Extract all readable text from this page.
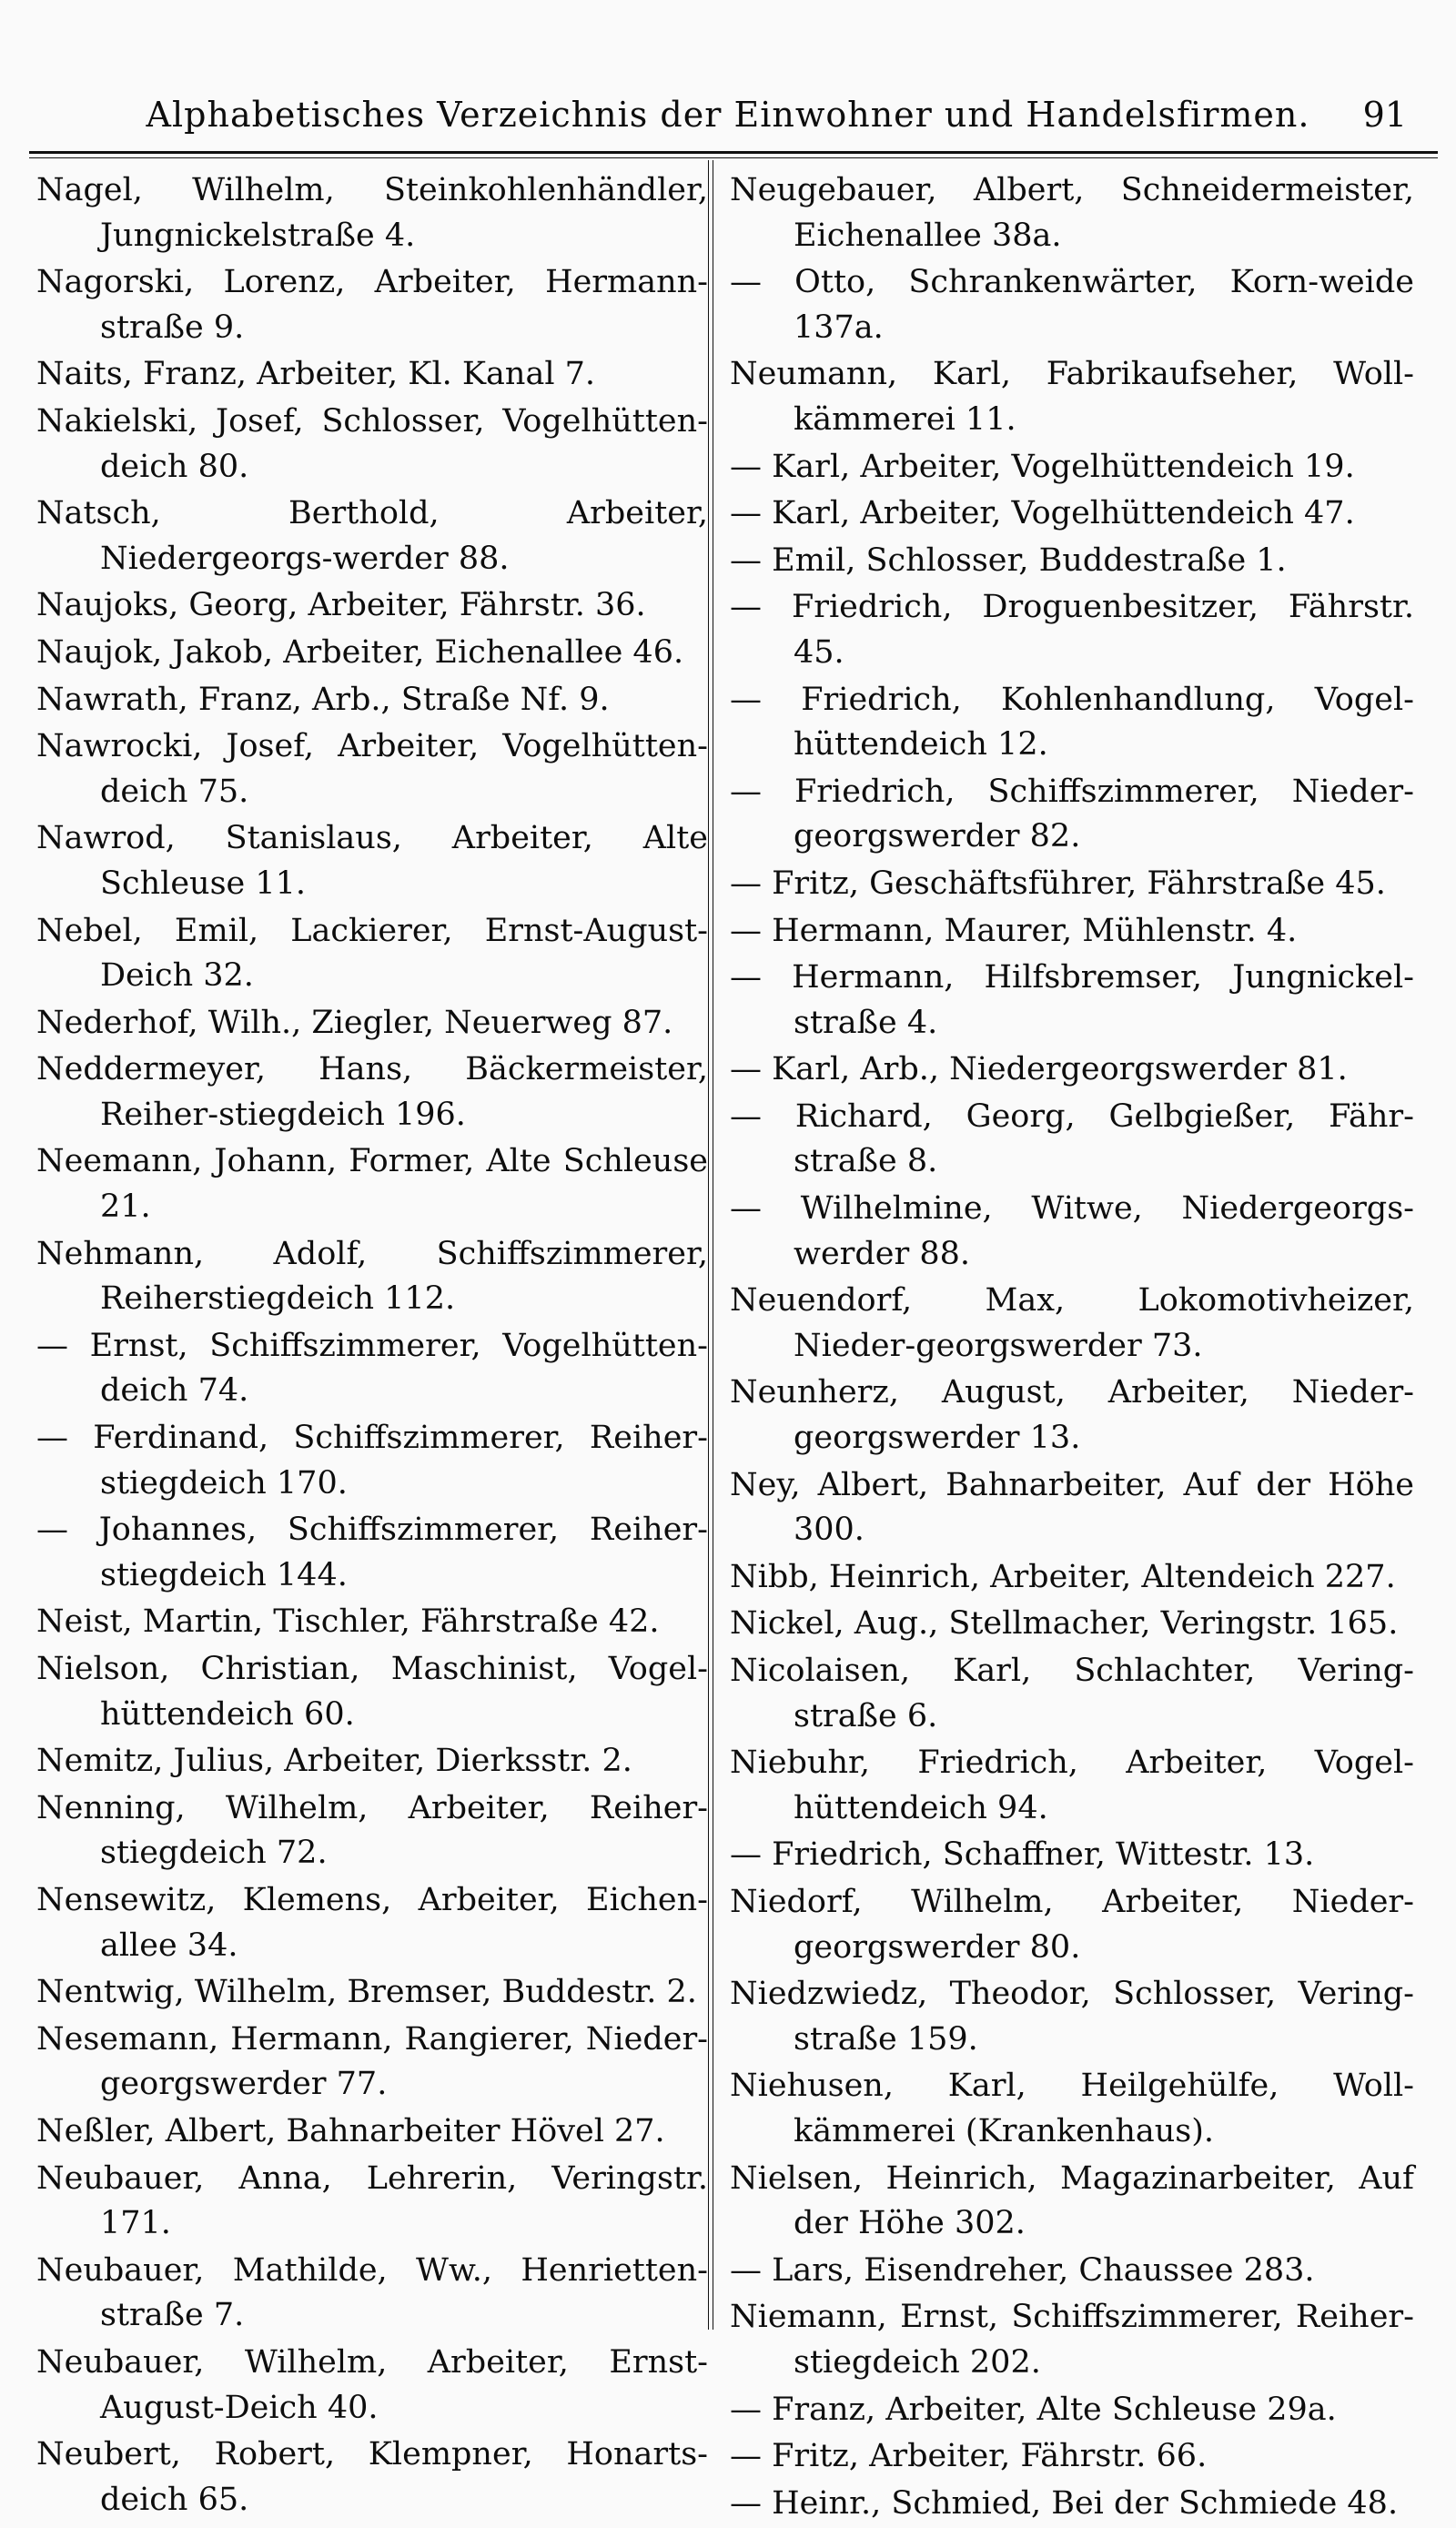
Alphabetisches Verzeichnis der Einwohner und Handelsfirmen.	91

Nagel, Wilhelm, Steinkohlenhändler, Jungnickelstraße 4.

Nagorski, Lorenz, Arbeiter, Hermann-straße 9.

Naits, Franz, Arbeiter, Kl. Kanal 7.

Nakielski, Josef, Schlosser, Vogelhütten-deich 80.

Natsch, Berthold, Arbeiter, Niedergeorgs-werder 88.

Naujoks, Georg, Arbeiter, Fährstr. 36.

Naujok, Jakob, Arbeiter, Eichenallee 46.

Nawrath, Franz, Arb., Straße Nf. 9.

Nawrocki, Josef, Arbeiter, Vogelhütten-deich 75.

Nawrod, Stanislaus, Arbeiter, Alte Schleuse 11.

Nebel, Emil, Lackierer, Ernst-August-Deich 32.

Nederhof, Wilh., Ziegler, Neuerweg 87.

Neddermeyer, Hans, Bäckermeister, Reiher-stiegdeich 196.

Neemann, Johann, Former, Alte Schleuse 21.

Nehmann, Adolf, Schiffszimmerer, Reiherstiegdeich 112.

— Ernst, Schiffszimmerer, Vogelhütten-deich 74.

— Ferdinand, Schiffszimmerer, Reiher-stiegdeich 170.

— Johannes, Schiffszimmerer, Reiher-stiegdeich 144.

Neist, Martin, Tischler, Fährstraße 42.

Nielson, Christian, Maschinist, Vogel-hüttendeich 60.

Nemitz, Julius, Arbeiter, Dierksstr. 2.

Nenning, Wilhelm, Arbeiter, Reiher-stiegdeich 72.

Nensewitz, Klemens, Arbeiter, Eichen-allee 34.

Nentwig, Wilhelm, Bremser, Buddestr. 2.

Nesemann, Hermann, Rangierer, Nieder-georgswerder 77.

Neßler, Albert, Bahnarbeiter Hövel 27.

Neubauer, Anna, Lehrerin, Veringstr. 171.

Neubauer, Mathilde, Ww., Henrietten-straße 7.

Neubauer, Wilhelm, Arbeiter, Ernst-August-Deich 40.

Neubert, Robert, Klempner, Honarts-deich 65.

Neugebauer, Albert, Schneidermeister, Eichenallee 38a.

— Otto, Schrankenwärter, Korn-weide 137a.

Neumann, Karl, Fabrikaufseher, Woll-kämmerei 11.

— Karl, Arbeiter, Vogelhüttendeich 19.

— Karl, Arbeiter, Vogelhüttendeich 47.

— Emil, Schlosser, Buddestraße 1.

— Friedrich, Droguenbesitzer, Fährstr. 45.

— Friedrich, Kohlenhandlung, Vogel-hüttendeich 12.

— Friedrich, Schiffszimmerer, Nieder-georgswerder 82.

— Fritz, Geschäftsführer, Fährstraße 45.

— Hermann, Maurer, Mühlenstr. 4.

— Hermann, Hilfsbremser, Jungnickel-straße 4.

— Karl, Arb., Niedergeorgswerder 81.

— Richard, Georg, Gelbgießer, Fähr-straße 8.

— Wilhelmine, Witwe, Niedergeorgs-werder 88.

Neuendorf, Max, Lokomotivheizer, Nieder-georgswerder 73.

Neunherz, August, Arbeiter, Nieder-georgswerder 13.

Ney, Albert, Bahnarbeiter, Auf der Höhe 300.

Nibb, Heinrich, Arbeiter, Altendeich 227.

Nickel, Aug., Stellmacher, Veringstr. 165.

Nicolaisen, Karl, Schlachter, Vering-straße 6.

Niebuhr, Friedrich, Arbeiter, Vogel-hüttendeich 94.

— Friedrich, Schaffner, Wittestr. 13.

Niedorf, Wilhelm, Arbeiter, Nieder-georgswerder 80.

Niedzwiedz, Theodor, Schlosser, Vering-straße 159.

Niehusen, Karl, Heilgehülfe, Woll-kämmerei (Krankenhaus).

Nielsen, Heinrich, Magazinarbeiter, Auf der Höhe 302.

— Lars, Eisendreher, Chaussee 283.

Niemann, Ernst, Schiffszimmerer, Reiher-stiegdeich 202.

— Franz, Arbeiter, Alte Schleuse 29a.

— Fritz, Arbeiter, Fährstr. 66.

— Heinr., Schmied, Bei der Schmiede 48.
